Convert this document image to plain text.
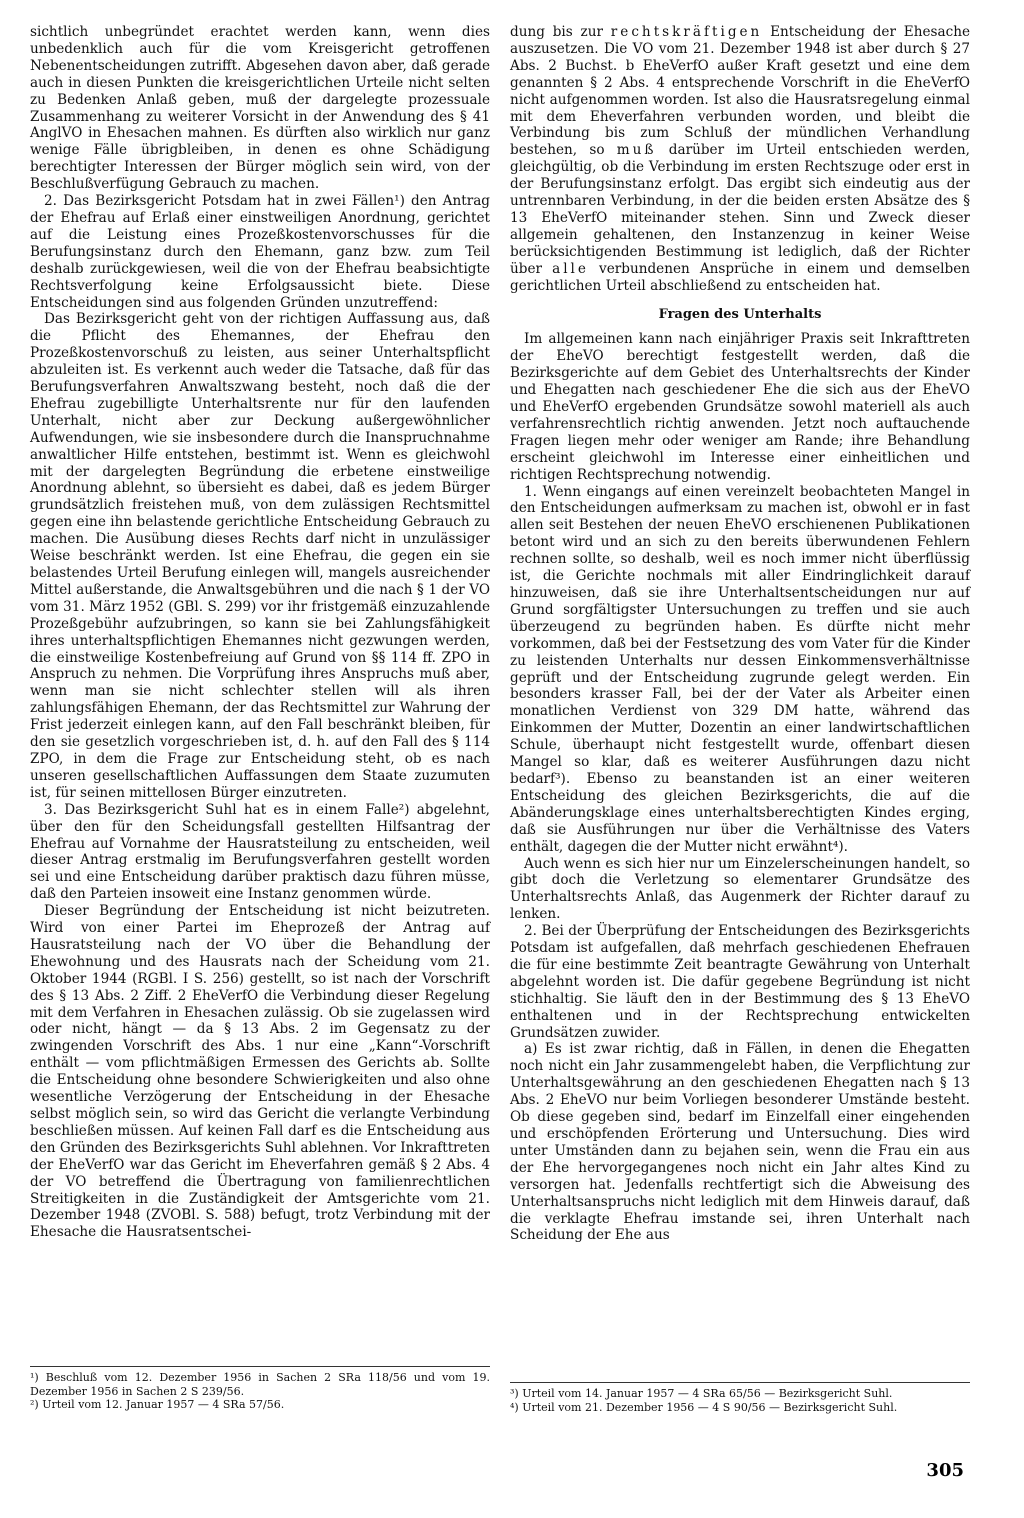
sichtlich unbegründet erachtet werden kann, wenn dies unbedenklich auch für die vom Kreisgericht getroffenen Nebenentscheidungen zutrifft. Abgesehen davon aber, daß gerade auch in diesen Punkten die kreisgerichtlichen Urteile nicht selten zu Bedenken Anlaß geben, muß der dargelegte prozessuale Zusammenhang zu weiterer Vorsicht in der Anwendung des § 41 AnglVO in Ehesachen mahnen. Es dürften also wirklich nur ganz wenige Fälle übrigbleiben, in denen es ohne Schädigung berechtigter Interessen der Bürger möglich sein wird, von der Beschlußverfügung Gebrauch zu machen.

2. Das Bezirksgericht Potsdam hat in zwei Fällen¹) den Antrag der Ehefrau auf Erlaß einer einstweiligen Anordnung, gerichtet auf die Leistung eines Prozeßkostenvorschusses für die Berufungsinstanz durch den Ehemann, ganz bzw. zum Teil deshalb zurückgewiesen, weil die von der Ehefrau beabsichtigte Rechtsverfolgung keine Erfolgsaussicht biete. Diese Entscheidungen sind aus folgenden Gründen unzutreffend:

Das Bezirksgericht geht von der richtigen Auffassung aus, daß die Pflicht des Ehemannes, der Ehefrau den Prozeßkostenvorschuß zu leisten, aus seiner Unterhaltspflicht abzuleiten ist. Es verkennt auch weder die Tatsache, daß für das Berufungsverfahren Anwaltszwang besteht, noch daß die der Ehefrau zugebilligte Unterhaltsrente nur für den laufenden Unterhalt, nicht aber zur Deckung außergewöhnlicher Aufwendungen, wie sie insbesondere durch die Inanspruchnahme anwaltlicher Hilfe entstehen, bestimmt ist. Wenn es gleichwohl mit der dargelegten Begründung die erbetene einstweilige Anordnung ablehnt, so übersieht es dabei, daß es jedem Bürger grundsätzlich freistehen muß, von dem zulässigen Rechtsmittel gegen eine ihn belastende gerichtliche Entscheidung Gebrauch zu machen. Die Ausübung dieses Rechts darf nicht in unzulässiger Weise beschränkt werden. Ist eine Ehefrau, die gegen ein sie belastendes Urteil Berufung einlegen will, mangels ausreichender Mittel außerstande, die Anwaltsgebühren und die nach § 1 der VO vom 31. März 1952 (GBl. S. 299) vor ihr fristgemäß einzuzahlende Prozeßgebühr aufzubringen, so kann sie bei Zahlungsfähigkeit ihres unterhaltspflichtigen Ehemannes nicht gezwungen werden, die einstweilige Kostenbefreiung auf Grund von §§ 114 ff. ZPO in Anspruch zu nehmen. Die Vorprüfung ihres Anspruchs muß aber, wenn man sie nicht schlechter stellen will als ihren zahlungsfähigen Ehemann, der das Rechtsmittel zur Wahrung der Frist jederzeit einlegen kann, auf den Fall beschränkt bleiben, für den sie gesetzlich vorgeschrieben ist, d. h. auf den Fall des § 114 ZPO, in dem die Frage zur Entscheidung steht, ob es nach unseren gesellschaftlichen Auffassungen dem Staate zuzumuten ist, für seinen mittellosen Bürger einzutreten.

3. Das Bezirksgericht Suhl hat es in einem Falle²) abgelehnt, über den für den Scheidungsfall gestellten Hilfsantrag der Ehefrau auf Vornahme der Hausratsteilung zu entscheiden, weil dieser Antrag erstmalig im Berufungsverfahren gestellt worden sei und eine Entscheidung darüber praktisch dazu führen müsse, daß den Parteien insoweit eine Instanz genommen würde.

Dieser Begründung der Entscheidung ist nicht beizutreten. Wird von einer Partei im Eheprozeß der Antrag auf Hausratsteilung nach der VO über die Behandlung der Ehewohnung und des Hausrats nach der Scheidung vom 21. Oktober 1944 (RGBl. I S. 256) gestellt, so ist nach der Vorschrift des § 13 Abs. 2 Ziff. 2 EheVerfO die Verbindung dieser Regelung mit dem Verfahren in Ehesachen zulässig. Ob sie zugelassen wird oder nicht, hängt — da § 13 Abs. 2 im Gegensatz zu der zwingenden Vorschrift des Abs. 1 nur eine „Kann“-Vorschrift enthält — vom pflichtmäßigen Ermessen des Gerichts ab. Sollte die Entscheidung ohne besondere Schwierigkeiten und also ohne wesentliche Verzögerung der Entscheidung in der Ehesache selbst möglich sein, so wird das Gericht die verlangte Verbindung beschließen müssen. Auf keinen Fall darf es die Entscheidung aus den Gründen des Bezirksgerichts Suhl ablehnen. Vor Inkrafttreten der EheVerfO war das Gericht im Eheverfahren gemäß § 2 Abs. 4 der VO betreffend die Übertragung von familienrechtlichen Streitigkeiten in die Zuständigkeit der Amtsgerichte vom 21. Dezember 1948 (ZVOBl. S. 588) befugt, trotz Verbindung mit der Ehesache die Hausratsentschei-

¹) Beschluß vom 12. Dezember 1956 in Sachen 2 SRa 118/56 und vom 19. Dezember 1956 in Sachen 2 S 239/56.

²) Urteil vom 12. Januar 1957 — 4 SRa 57/56.

dung bis zur rechtskräftigen Entscheidung der Ehesache auszusetzen. Die VO vom 21. Dezember 1948 ist aber durch § 27 Abs. 2 Buchst. b EheVerfO außer Kraft gesetzt und eine dem genannten § 2 Abs. 4 entsprechende Vorschrift in die EheVerfO nicht aufgenommen worden. Ist also die Hausratsregelung einmal mit dem Eheverfahren verbunden worden, und bleibt die Verbindung bis zum Schluß der mündlichen Verhandlung bestehen, so muß darüber im Urteil entschieden werden, gleichgültig, ob die Verbindung im ersten Rechtszuge oder erst in der Berufungsinstanz erfolgt. Das ergibt sich eindeutig aus der untrennbaren Verbindung, in der die beiden ersten Absätze des § 13 EheVerfO miteinander stehen. Sinn und Zweck dieser allgemein gehaltenen, den Instanzenzug in keiner Weise berücksichtigenden Bestimmung ist lediglich, daß der Richter über alle verbundenen Ansprüche in einem und demselben gerichtlichen Urteil abschließend zu entscheiden hat.

Fragen des Unterhalts

Im allgemeinen kann nach einjähriger Praxis seit Inkrafttreten der EheVO berechtigt festgestellt werden, daß die Bezirksgerichte auf dem Gebiet des Unterhaltsrechts der Kinder und Ehegatten nach geschiedener Ehe die sich aus der EheVO und EheVerfO ergebenden Grundsätze sowohl materiell als auch verfahrensrechtlich richtig anwenden. Jetzt noch auftauchende Fragen liegen mehr oder weniger am Rande; ihre Behandlung erscheint gleichwohl im Interesse einer einheitlichen und richtigen Rechtsprechung notwendig.

1. Wenn eingangs auf einen vereinzelt beobachteten Mangel in den Entscheidungen aufmerksam zu machen ist, obwohl er in fast allen seit Bestehen der neuen EheVO erschienenen Publikationen betont wird und an sich zu den bereits überwundenen Fehlern rechnen sollte, so deshalb, weil es noch immer nicht überflüssig ist, die Gerichte nochmals mit aller Eindringlichkeit darauf hinzuweisen, daß sie ihre Unterhaltsentscheidungen nur auf Grund sorgfältigster Untersuchungen zu treffen und sie auch überzeugend zu begründen haben. Es dürfte nicht mehr vorkommen, daß bei der Festsetzung des vom Vater für die Kinder zu leistenden Unterhalts nur dessen Einkommensverhältnisse geprüft und der Entscheidung zugrunde gelegt werden. Ein besonders krasser Fall, bei der der Vater als Arbeiter einen monatlichen Verdienst von 329 DM hatte, während das Einkommen der Mutter, Dozentin an einer landwirtschaftlichen Schule, überhaupt nicht festgestellt wurde, offenbart diesen Mangel so klar, daß es weiterer Ausführungen dazu nicht bedarf³). Ebenso zu beanstanden ist an einer weiteren Entscheidung des gleichen Bezirksgerichts, die auf die Abänderungsklage eines unterhaltsberechtigten Kindes erging, daß sie Ausführungen nur über die Verhältnisse des Vaters enthält, dagegen die der Mutter nicht erwähnt⁴).

Auch wenn es sich hier nur um Einzelerscheinungen handelt, so gibt doch die Verletzung so elementarer Grundsätze des Unterhaltsrechts Anlaß, das Augenmerk der Richter darauf zu lenken.

2. Bei der Überprüfung der Entscheidungen des Bezirksgerichts Potsdam ist aufgefallen, daß mehrfach geschiedenen Ehefrauen die für eine bestimmte Zeit beantragte Gewährung von Unterhalt abgelehnt worden ist. Die dafür gegebene Begründung ist nicht stichhaltig. Sie läuft den in der Bestimmung des § 13 EheVO enthaltenen und in der Rechtsprechung entwickelten Grundsätzen zuwider.

a) Es ist zwar richtig, daß in Fällen, in denen die Ehegatten noch nicht ein Jahr zusammengelebt haben, die Verpflichtung zur Unterhaltsgewährung an den geschiedenen Ehegatten nach § 13 Abs. 2 EheVO nur beim Vorliegen besonderer Umstände besteht. Ob diese gegeben sind, bedarf im Einzelfall einer eingehenden und erschöpfenden Erörterung und Untersuchung. Dies wird unter Umständen dann zu bejahen sein, wenn die Frau ein aus der Ehe hervorgegangenes noch nicht ein Jahr altes Kind zu versorgen hat. Jedenfalls rechtfertigt sich die Abweisung des Unterhaltsanspruchs nicht lediglich mit dem Hinweis darauf, daß die verklagte Ehefrau imstande sei, ihren Unterhalt nach Scheidung der Ehe aus

³) Urteil vom 14. Januar 1957 — 4 SRa 65/56 — Bezirksgericht Suhl.

⁴) Urteil vom 21. Dezember 1956 — 4 S 90/56 — Bezirksgericht Suhl.

305
